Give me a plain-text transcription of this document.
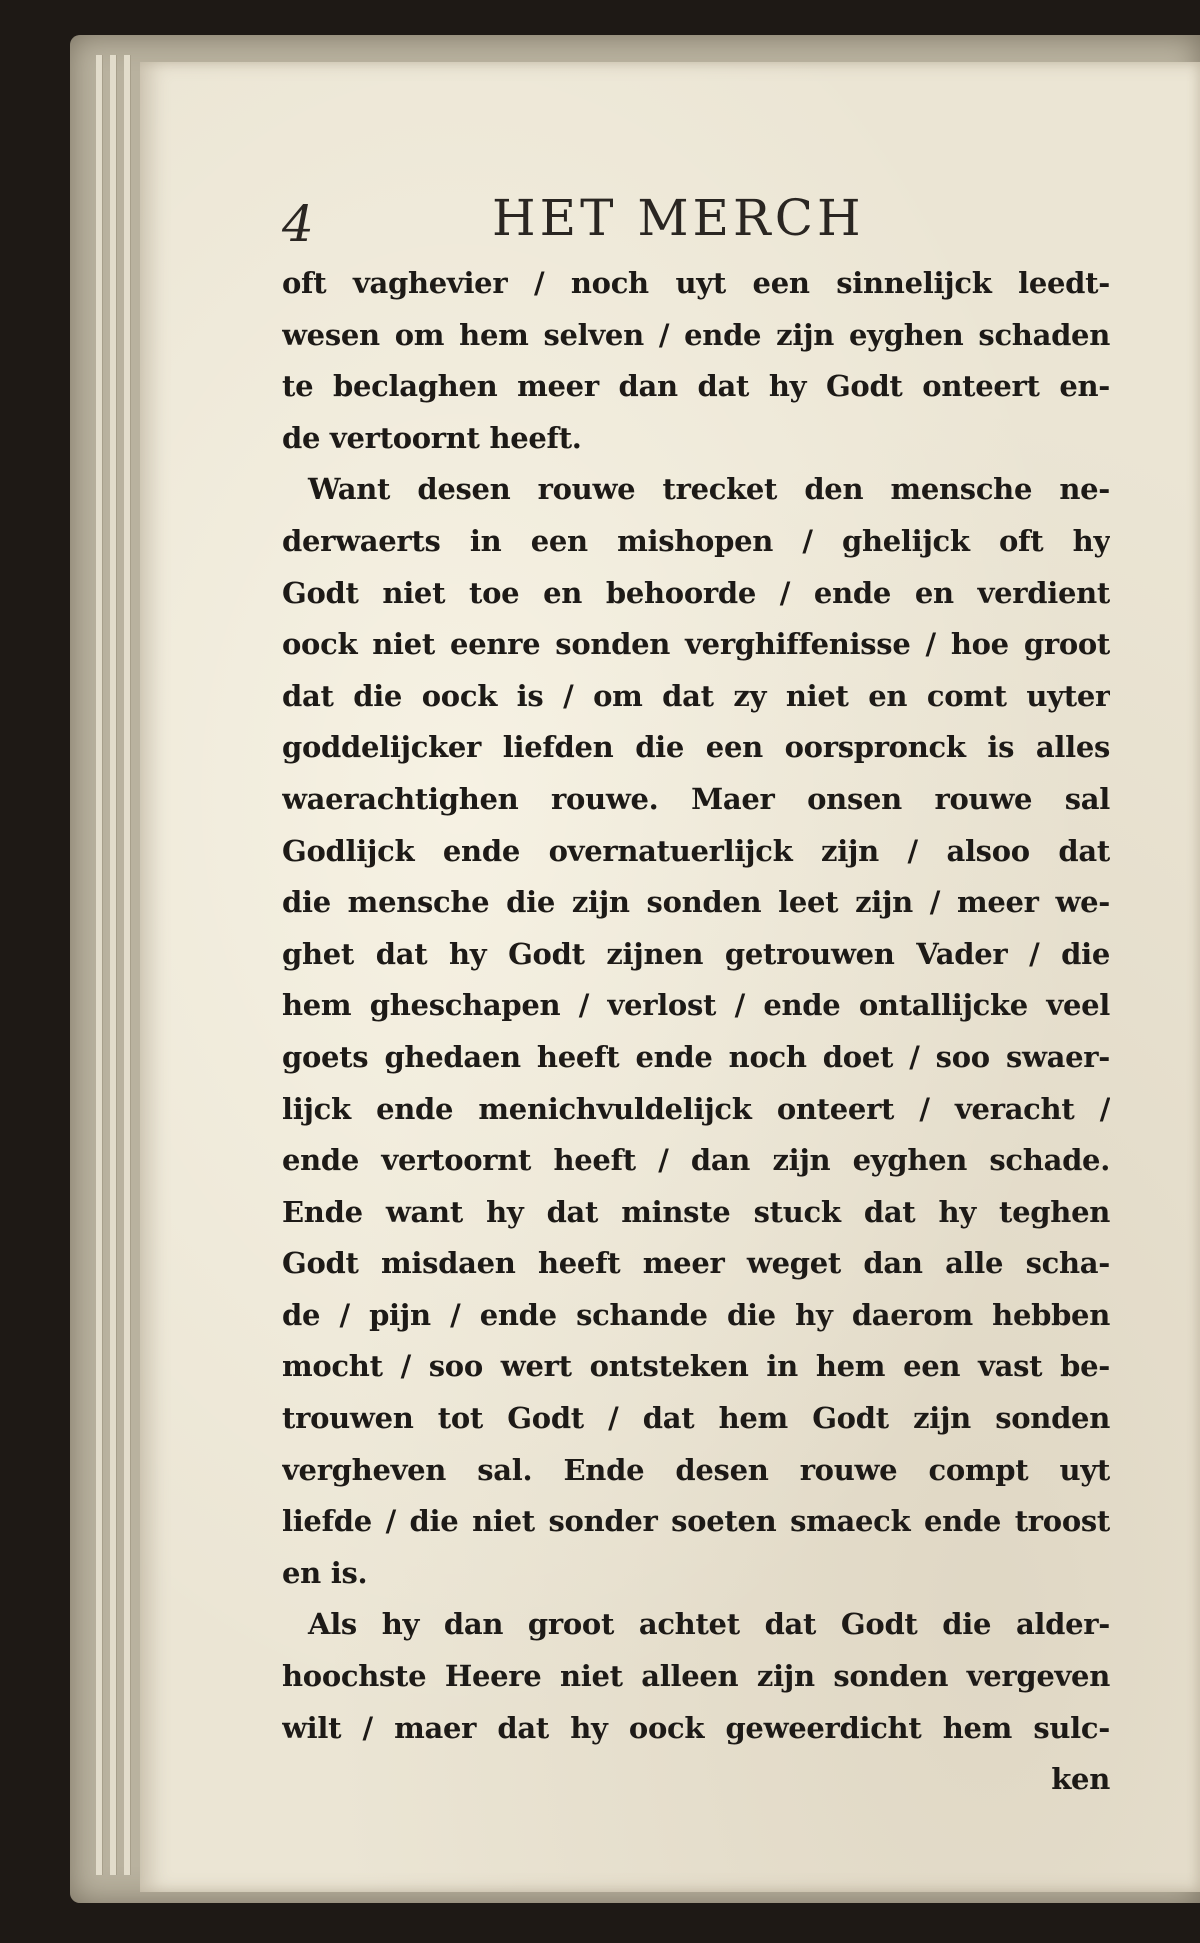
4	HET MERCH
oft vaghevier / noch uyt een sinnelijck leedt-
wesen om hem selven / ende zijn eyghen schaden
te beclaghen meer dan dat hy Godt onteert en-
de vertoornt heeft.
Want desen rouwe trecket den mensche ne-
derwaerts in een mishopen / ghelijck oft hy
Godt niet toe en behoorde / ende en verdient
oock niet eenre sonden verghiffenisse / hoe groot
dat die oock is / om dat zy niet en comt uyter
goddelijcker liefden die een oorspronck is alles
waerachtighen rouwe. Maer onsen rouwe sal
Godlijck ende overnatuerlijck zijn / alsoo dat
die mensche die zijn sonden leet zijn / meer we-
ghet dat hy Godt zijnen getrouwen Vader / die
hem gheschapen / verlost / ende ontallijcke veel
goets ghedaen heeft ende noch doet / soo swaer-
lijck ende menichvuldelijck onteert / veracht /
ende vertoornt heeft / dan zijn eyghen schade.
Ende want hy dat minste stuck dat hy teghen
Godt misdaen heeft meer weget dan alle scha-
de / pijn / ende schande die hy daerom hebben
mocht / soo wert ontsteken in hem een vast be-
trouwen tot Godt / dat hem Godt zijn sonden
vergheven sal. Ende desen rouwe compt uyt
liefde / die niet sonder soeten smaeck ende troost
en is.
Als hy dan groot achtet dat Godt die alder-
hoochste Heere niet alleen zijn sonden vergeven
wilt / maer dat hy oock geweerdicht hem sulc-
ken
